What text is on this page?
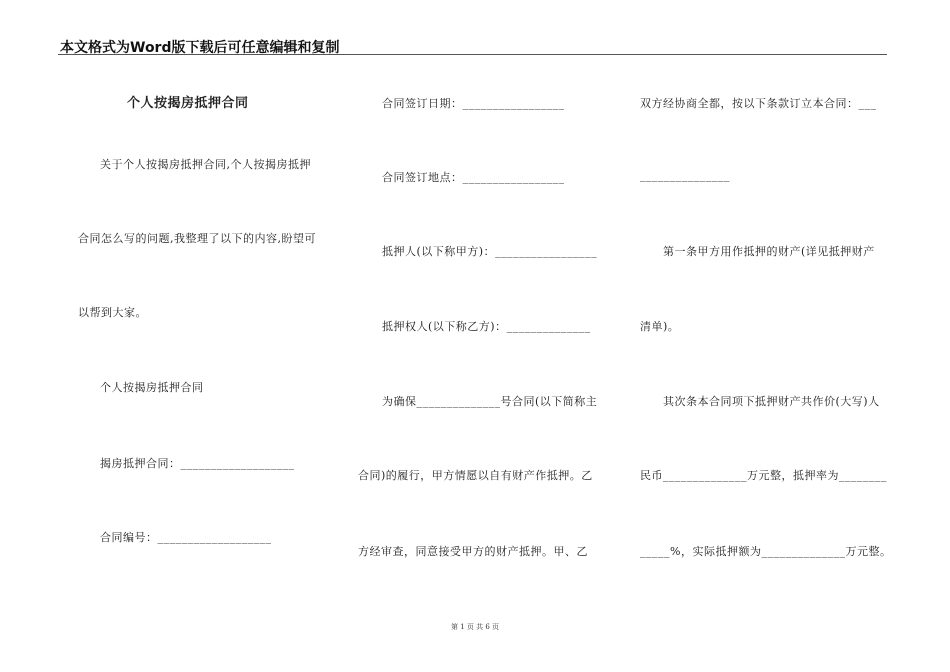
本文格式为Word版下载后可任意编辑和复制
个人按揭房抵押合同
关于个人按揭房抵押合同,个人按揭房抵押
合同怎么写的问题,我整理了以下的内容,盼望可
以帮到大家。
个人按揭房抵押合同
揭房抵押合同：___________________
合同编号：___________________
合同签订日期：_________________
合同签订地点：_________________
抵押人(以下称甲方)：_________________
抵押权人(以下称乙方)：______________
为确保______________号合同(以下简称主
合同)的履行，甲方情愿以自有财产作抵押。乙
方经审查，同意接受甲方的财产抵押。甲、乙
双方经协商全都，按以下条款订立本合同：___
_______________
第一条甲方用作抵押的财产(详见抵押财产
清单)。
其次条本合同项下抵押财产共作价(大写)人
民币______________万元整，抵押率为________
_____%，实际抵押额为______________万元整。
第 1 页 共 6 页
